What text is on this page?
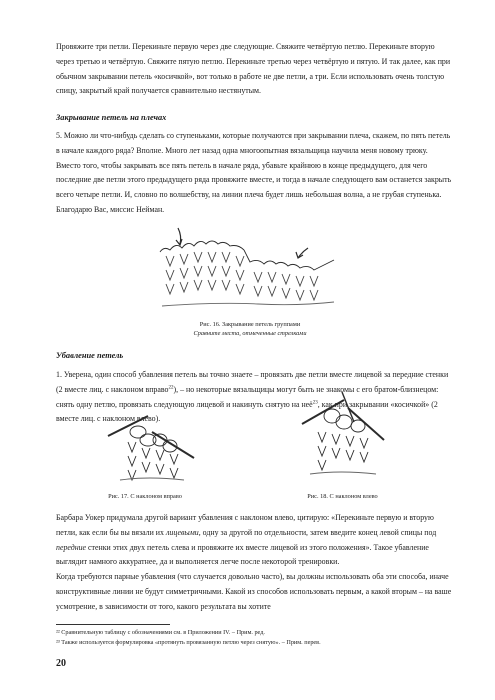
Провяжите три петли. Перекиньте первую через две следующие. Свяжите четвёртую петлю. Перекиньте вторую через третью и четвёртую. Свяжите пятую петлю. Перекиньте третью через четвёртую и пятую. И так далее, как при обычном закрывании петель «косичкой», вот только в работе не две петли, а три. Если использовать очень толстую спицу, закрытый край получается сравнительно нестянутым.

Закрывание петель на плечах

5. Можно ли что-нибудь сделать со ступеньками, которые получаются при закрывании плеча, скажем, по пять петель в начале каждого ряда? Вполне. Много лет назад одна многоопытная вязальщица научила меня новому трюку. Вместо того, чтобы закрывать все пять петель в начале ряда, убавьте крайнюю в конце предыдущего, для чего последние две петли этого предыдущего ряда провяжите вместе, и тогда в начале следующего вам останется закрыть всего четыре петли. И, словно по волшебству, на линии плеча будет лишь небольшая волна, а не грубая ступенька. Благодарю Вас, миссис Нейман.

Рис. 16. Закрывание петель группами

Сравните места, отмеченные стрелками

Убавление петель

1. Уверена, один способ убавления петель вы точно знаете – провязать две петли вместе лицевой за передние стенки (2 вместе лиц. с наклоном вправо$^{22}$), – но некоторые вязальщицы могут быть не знакомы с его братом-близнецом: снять одну петлю, провязать следующую лицевой и накинуть снятую на неё$^{23}$, как при закрывании «косичкой» (2 вместе лиц. с наклоном влево).

Рис. 17. С наклоном вправо	Рис. 18. С наклоном влево

Барбара Уокер придумала другой вариант убавления с наклоном влево, цитирую: «Перекиньте первую и вторую петли, как если бы вы вязали их лицевыми, одну за другой по отдельности, затем введите конец левой спицы под передние стенки этих двух петель слева и провяжите их вместе лицевой из этого положения». Такое убавление выглядит намного аккуратнее, да и выполняется легче после некоторой тренировки.

Когда требуются парные убавления (что случается довольно часто), вы должны использовать оба эти способа, иначе конструктивные линии не будут симметричными. Какой из способов использовать первым, а какой вторым – на ваше усмотрение, в зависимости от того, какого результата вы хотите

²² Сравнительную таблицу с обозначениями см. в Приложении IV. – Прим. ред.

²³ Также используется формулировка «протянуть провязанную петлю через снятую». – Прим. перев.

20
